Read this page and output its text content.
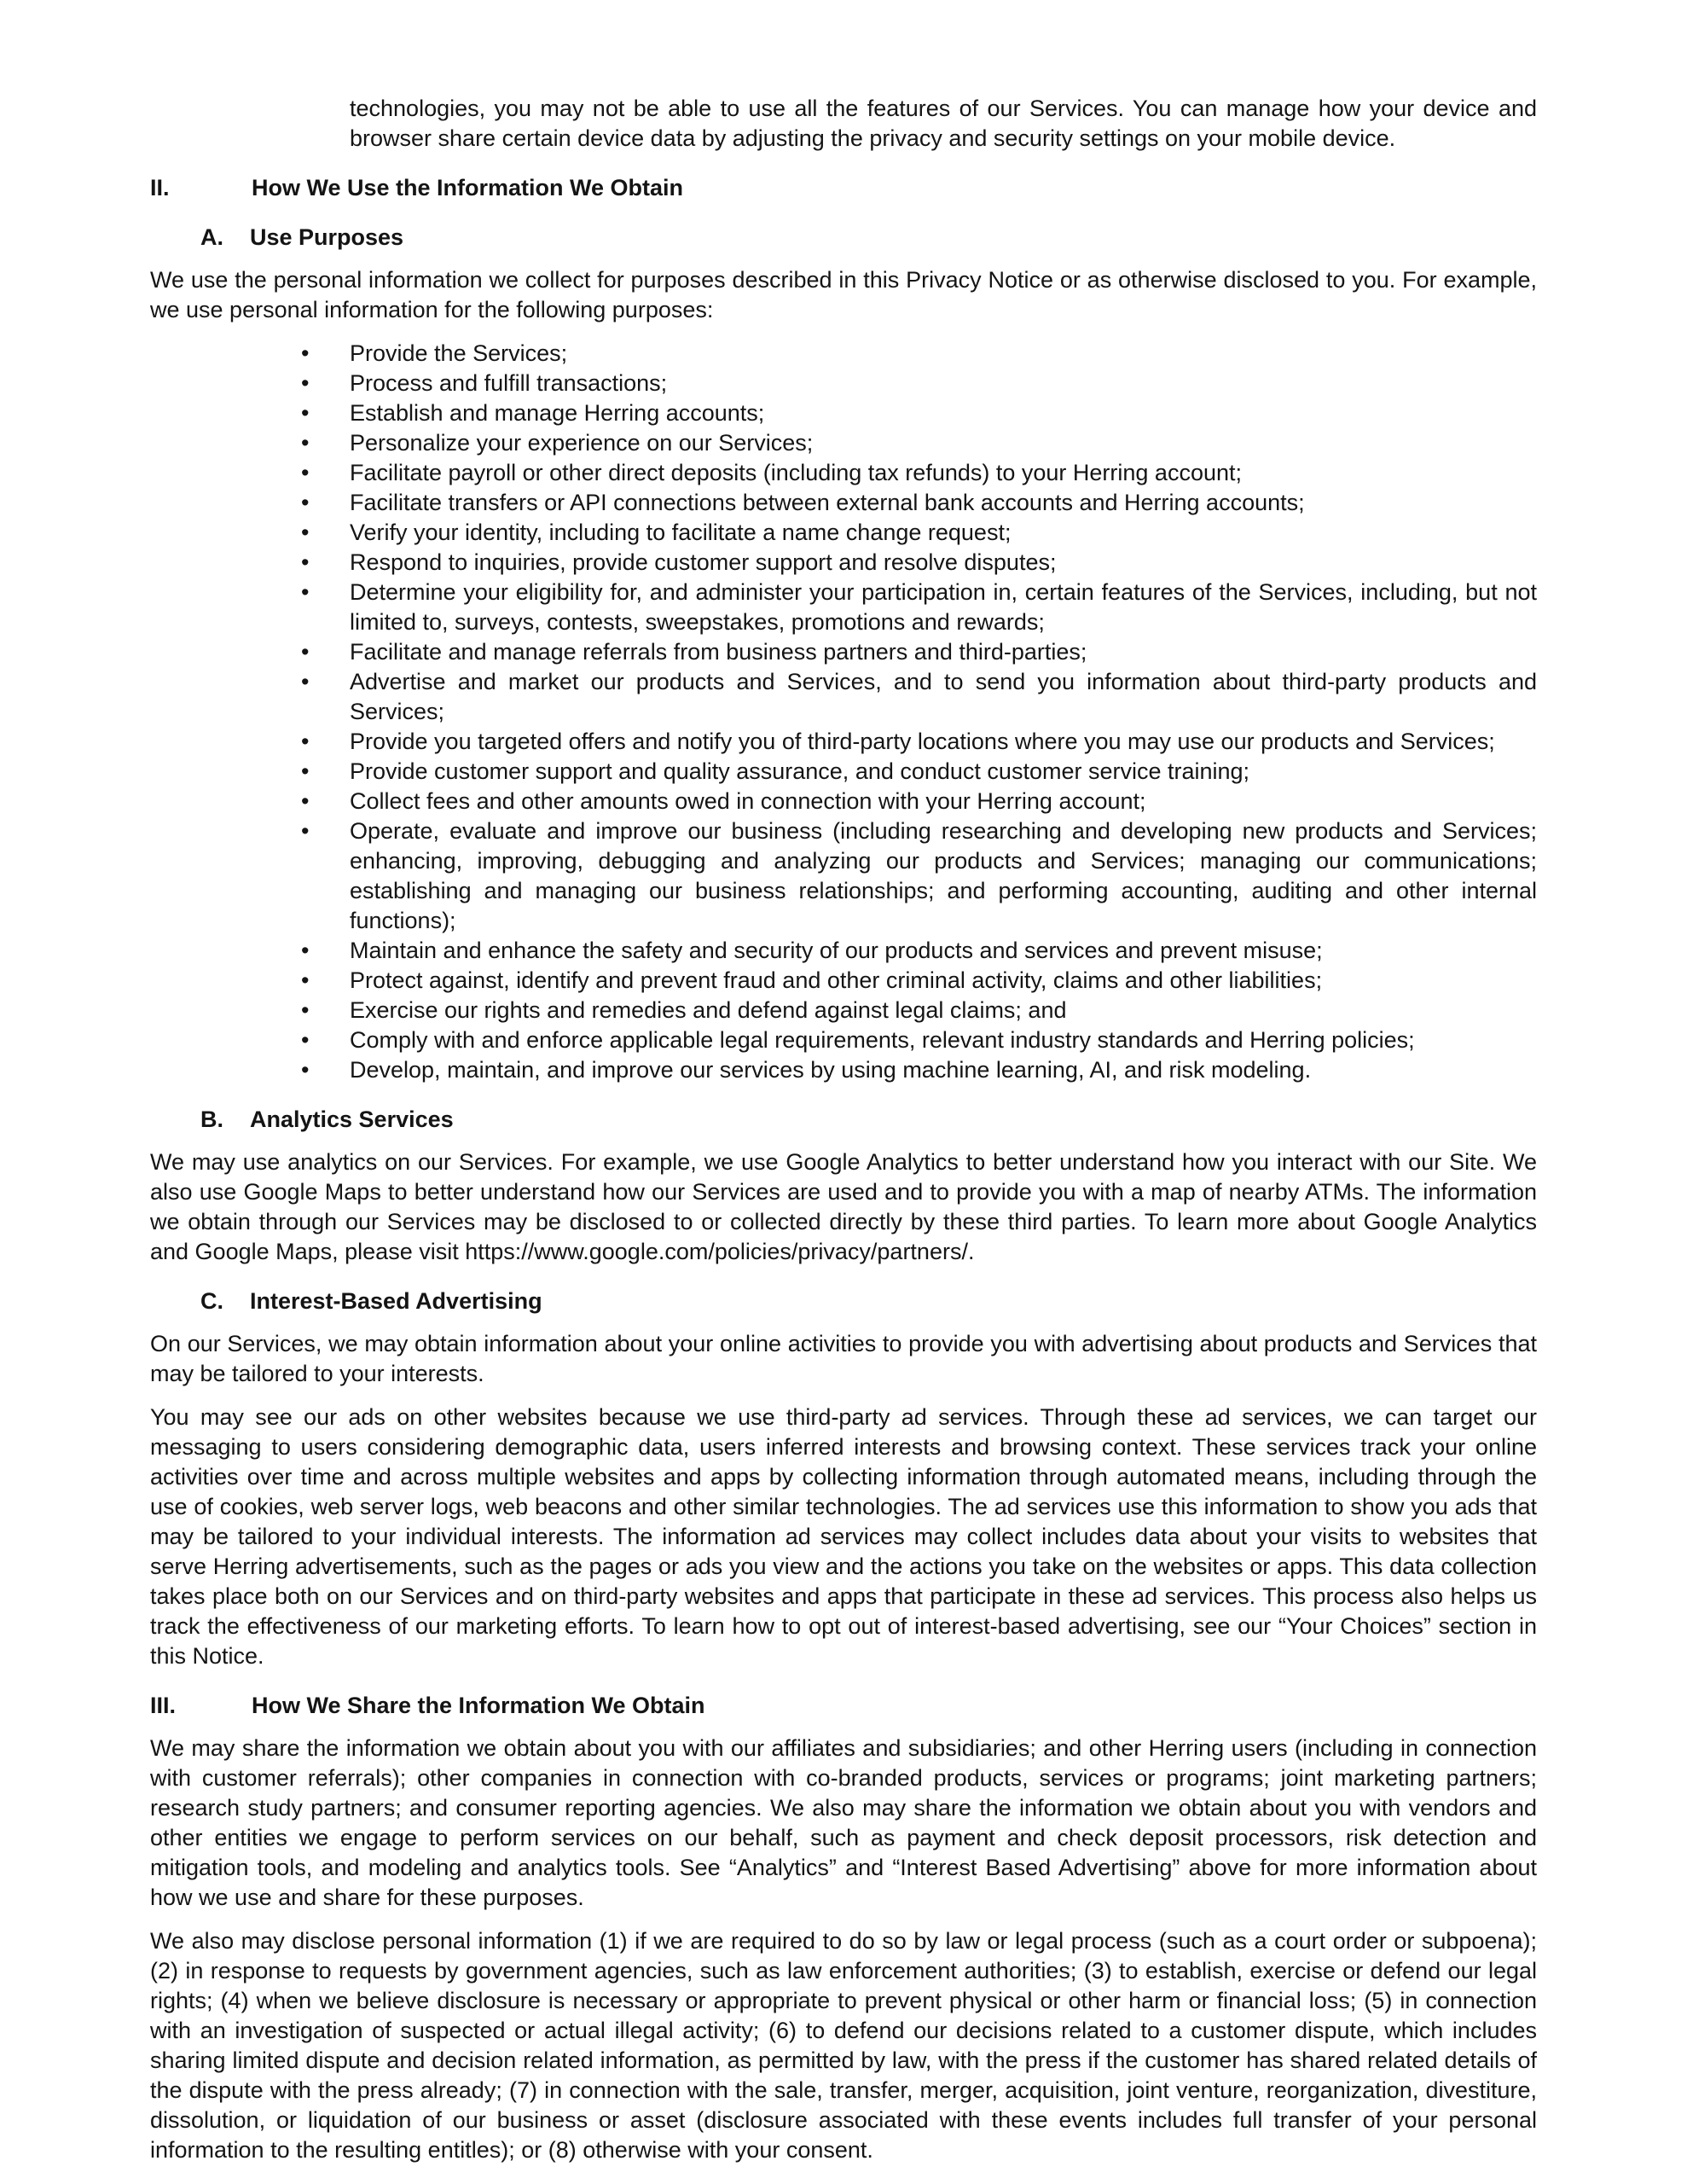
technologies, you may not be able to use all the features of our Services. You can manage how your device and browser share certain device data by adjusting the privacy and security settings on your mobile device.

II.	How We Use the Information We Obtain
A.	Use Purposes

We use the personal information we collect for purposes described in this Privacy Notice or as otherwise disclosed to you. For example, we use personal information for the following purposes:

• Provide the Services;
• Process and fulfill transactions;
• Establish and manage Herring accounts;
• Personalize your experience on our Services;
• Facilitate payroll or other direct deposits (including tax refunds) to your Herring account;
• Facilitate transfers or API connections between external bank accounts and Herring accounts;
• Verify your identity, including to facilitate a name change request;
• Respond to inquiries, provide customer support and resolve disputes;
• Determine your eligibility for, and administer your participation in, certain features of the Services, including, but not limited to, surveys, contests, sweepstakes, promotions and rewards;
• Facilitate and manage referrals from business partners and third-parties;
• Advertise and market our products and Services, and to send you information about third-party products and Services;
• Provide you targeted offers and notify you of third-party locations where you may use our products and Services;
• Provide customer support and quality assurance, and conduct customer service training;
• Collect fees and other amounts owed in connection with your Herring account;
• Operate, evaluate and improve our business (including researching and developing new products and Services; enhancing, improving, debugging and analyzing our products and Services; managing our communications; establishing and managing our business relationships; and performing accounting, auditing and other internal functions);
• Maintain and enhance the safety and security of our products and services and prevent misuse;
• Protect against, identify and prevent fraud and other criminal activity, claims and other liabilities;
• Exercise our rights and remedies and defend against legal claims; and
• Comply with and enforce applicable legal requirements, relevant industry standards and Herring policies;
• Develop, maintain, and improve our services by using machine learning, AI, and risk modeling.
B.	Analytics Services

We may use analytics on our Services. For example, we use Google Analytics to better understand how you interact with our Site. We also use Google Maps to better understand how our Services are used and to provide you with a map of nearby ATMs. The information we obtain through our Services may be disclosed to or collected directly by these third parties. To learn more about Google Analytics and Google Maps, please visit https://www.google.com/policies/privacy/partners/.

C.	Interest-Based Advertising

On our Services, we may obtain information about your online activities to provide you with advertising about products and Services that may be tailored to your interests.

You may see our ads on other websites because we use third-party ad services. Through these ad services, we can target our messaging to users considering demographic data, users inferred interests and browsing context. These services track your online activities over time and across multiple websites and apps by collecting information through automated means, including through the use of cookies, web server logs, web beacons and other similar technologies. The ad services use this information to show you ads that may be tailored to your individual interests. The information ad services may collect includes data about your visits to websites that serve Herring advertisements, such as the pages or ads you view and the actions you take on the websites or apps. This data collection takes place both on our Services and on third-party websites and apps that participate in these ad services. This process also helps us track the effectiveness of our marketing efforts. To learn how to opt out of interest-based advertising, see our “Your Choices” section in this Notice.

III.	How We Share the Information We Obtain

We may share the information we obtain about you with our affiliates and subsidiaries; and other Herring users (including in connection with customer referrals); other companies in connection with co-branded products, services or programs; joint marketing partners; research study partners; and consumer reporting agencies. We also may share the information we obtain about you with vendors and other entities we engage to perform services on our behalf, such as payment and check deposit processors, risk detection and mitigation tools, and modeling and analytics tools. See “Analytics” and “Interest Based Advertising” above for more information about how we use and share for these purposes.

We also may disclose personal information (1) if we are required to do so by law or legal process (such as a court order or subpoena); (2) in response to requests by government agencies, such as law enforcement authorities; (3) to establish, exercise or defend our legal rights; (4) when we believe disclosure is necessary or appropriate to prevent physical or other harm or financial loss; (5) in connection with an investigation of suspected or actual illegal activity; (6) to defend our decisions related to a customer dispute, which includes sharing limited dispute and decision related information, as permitted by law, with the press if the customer has shared related details of the dispute with the press already; (7) in connection with the sale, transfer, merger, acquisition, joint venture, reorganization, divestiture, dissolution, or liquidation of our business or asset (disclosure associated with these events includes full transfer of your personal information to the resulting entitles); or (8) otherwise with your consent.
